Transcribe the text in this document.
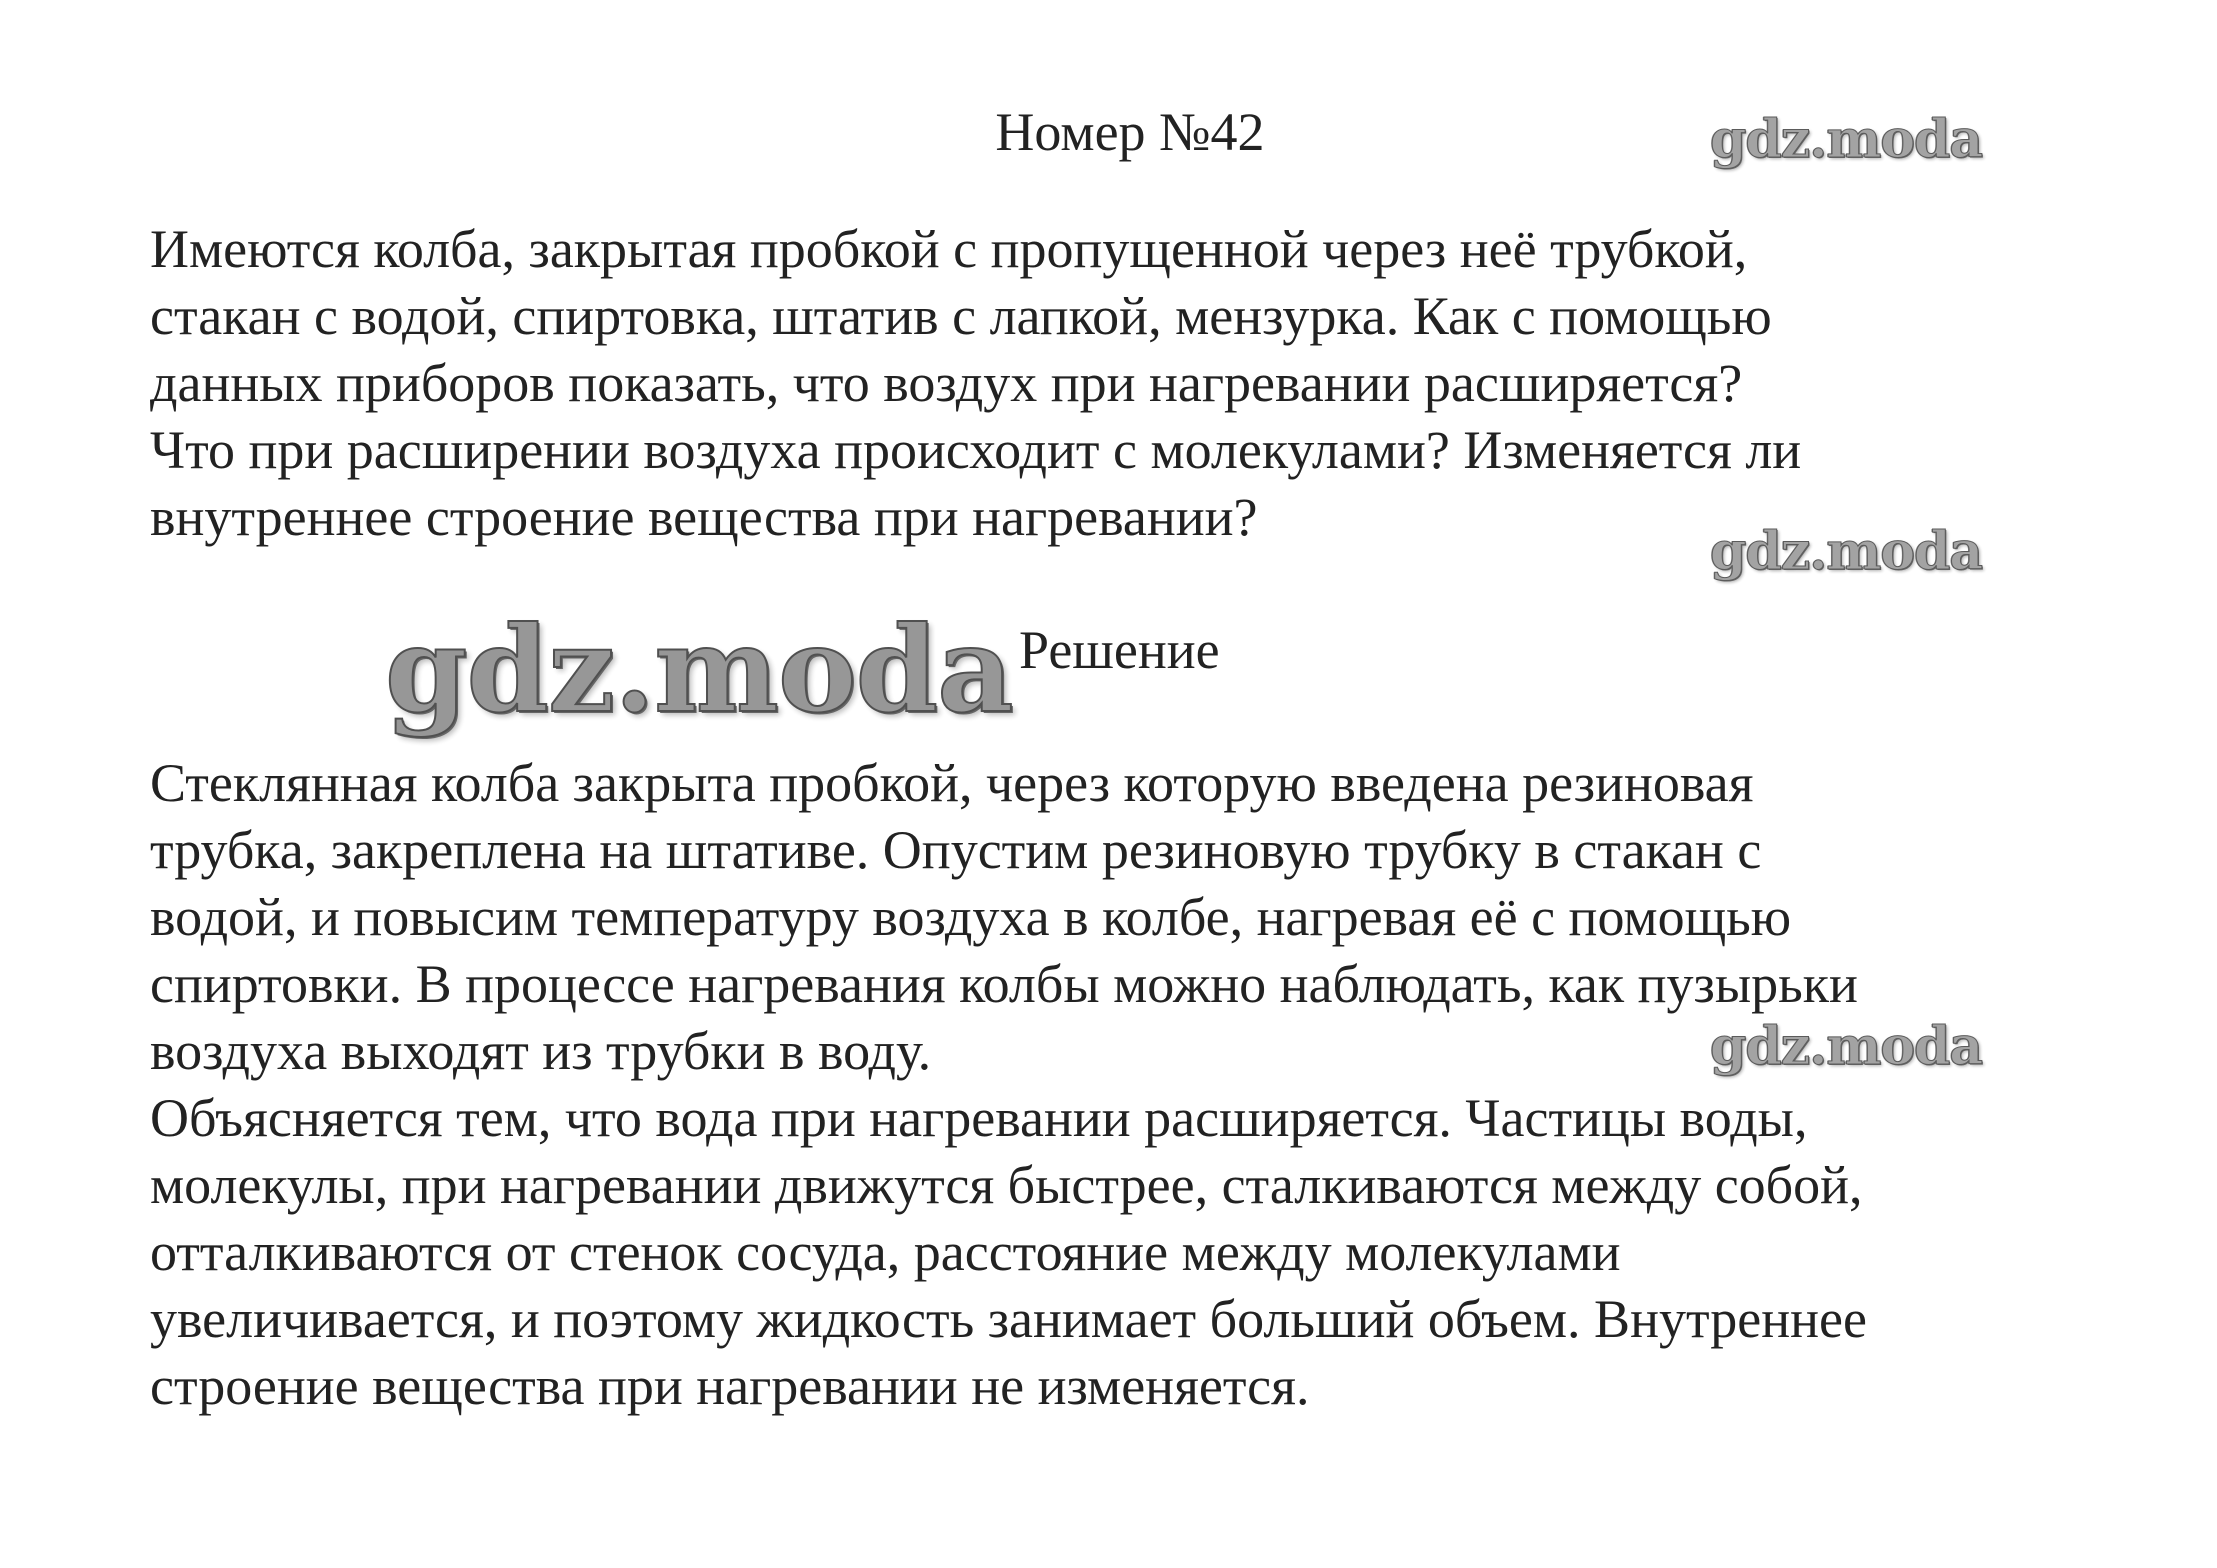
Номер №42	gdz.moda
Имеются колба, закрытая пробкой с пропущенной через неё трубкой,
стакан с водой, спиртовка, штатив с лапкой, мензурка. Как с помощью
данных приборов показать, что воздух при нагревании расширяется?
Что при расширении воздуха происходит с молекулами? Изменяется ли
внутреннее строение вещества при нагревании?
gdz.moda
gdz.moda Решение
Стеклянная колба закрыта пробкой, через которую введена резиновая
трубка, закреплена на штативе. Опустим резиновую трубку в стакан с
водой, и повысим температуру воздуха в колбе, нагревая её с помощью
спиртовки. В процессе нагревания колбы можно наблюдать, как пузырьки
воздуха выходят из трубки в воду.	gdz.moda
Объясняется тем, что вода при нагревании расширяется. Частицы воды,
молекулы, при нагревании движутся быстрее, сталкиваются между собой,
отталкиваются от стенок сосуда, расстояние между молекулами
увеличивается, и поэтому жидкость занимает больший объем. Внутреннее
строение вещества при нагревании не изменяется.
